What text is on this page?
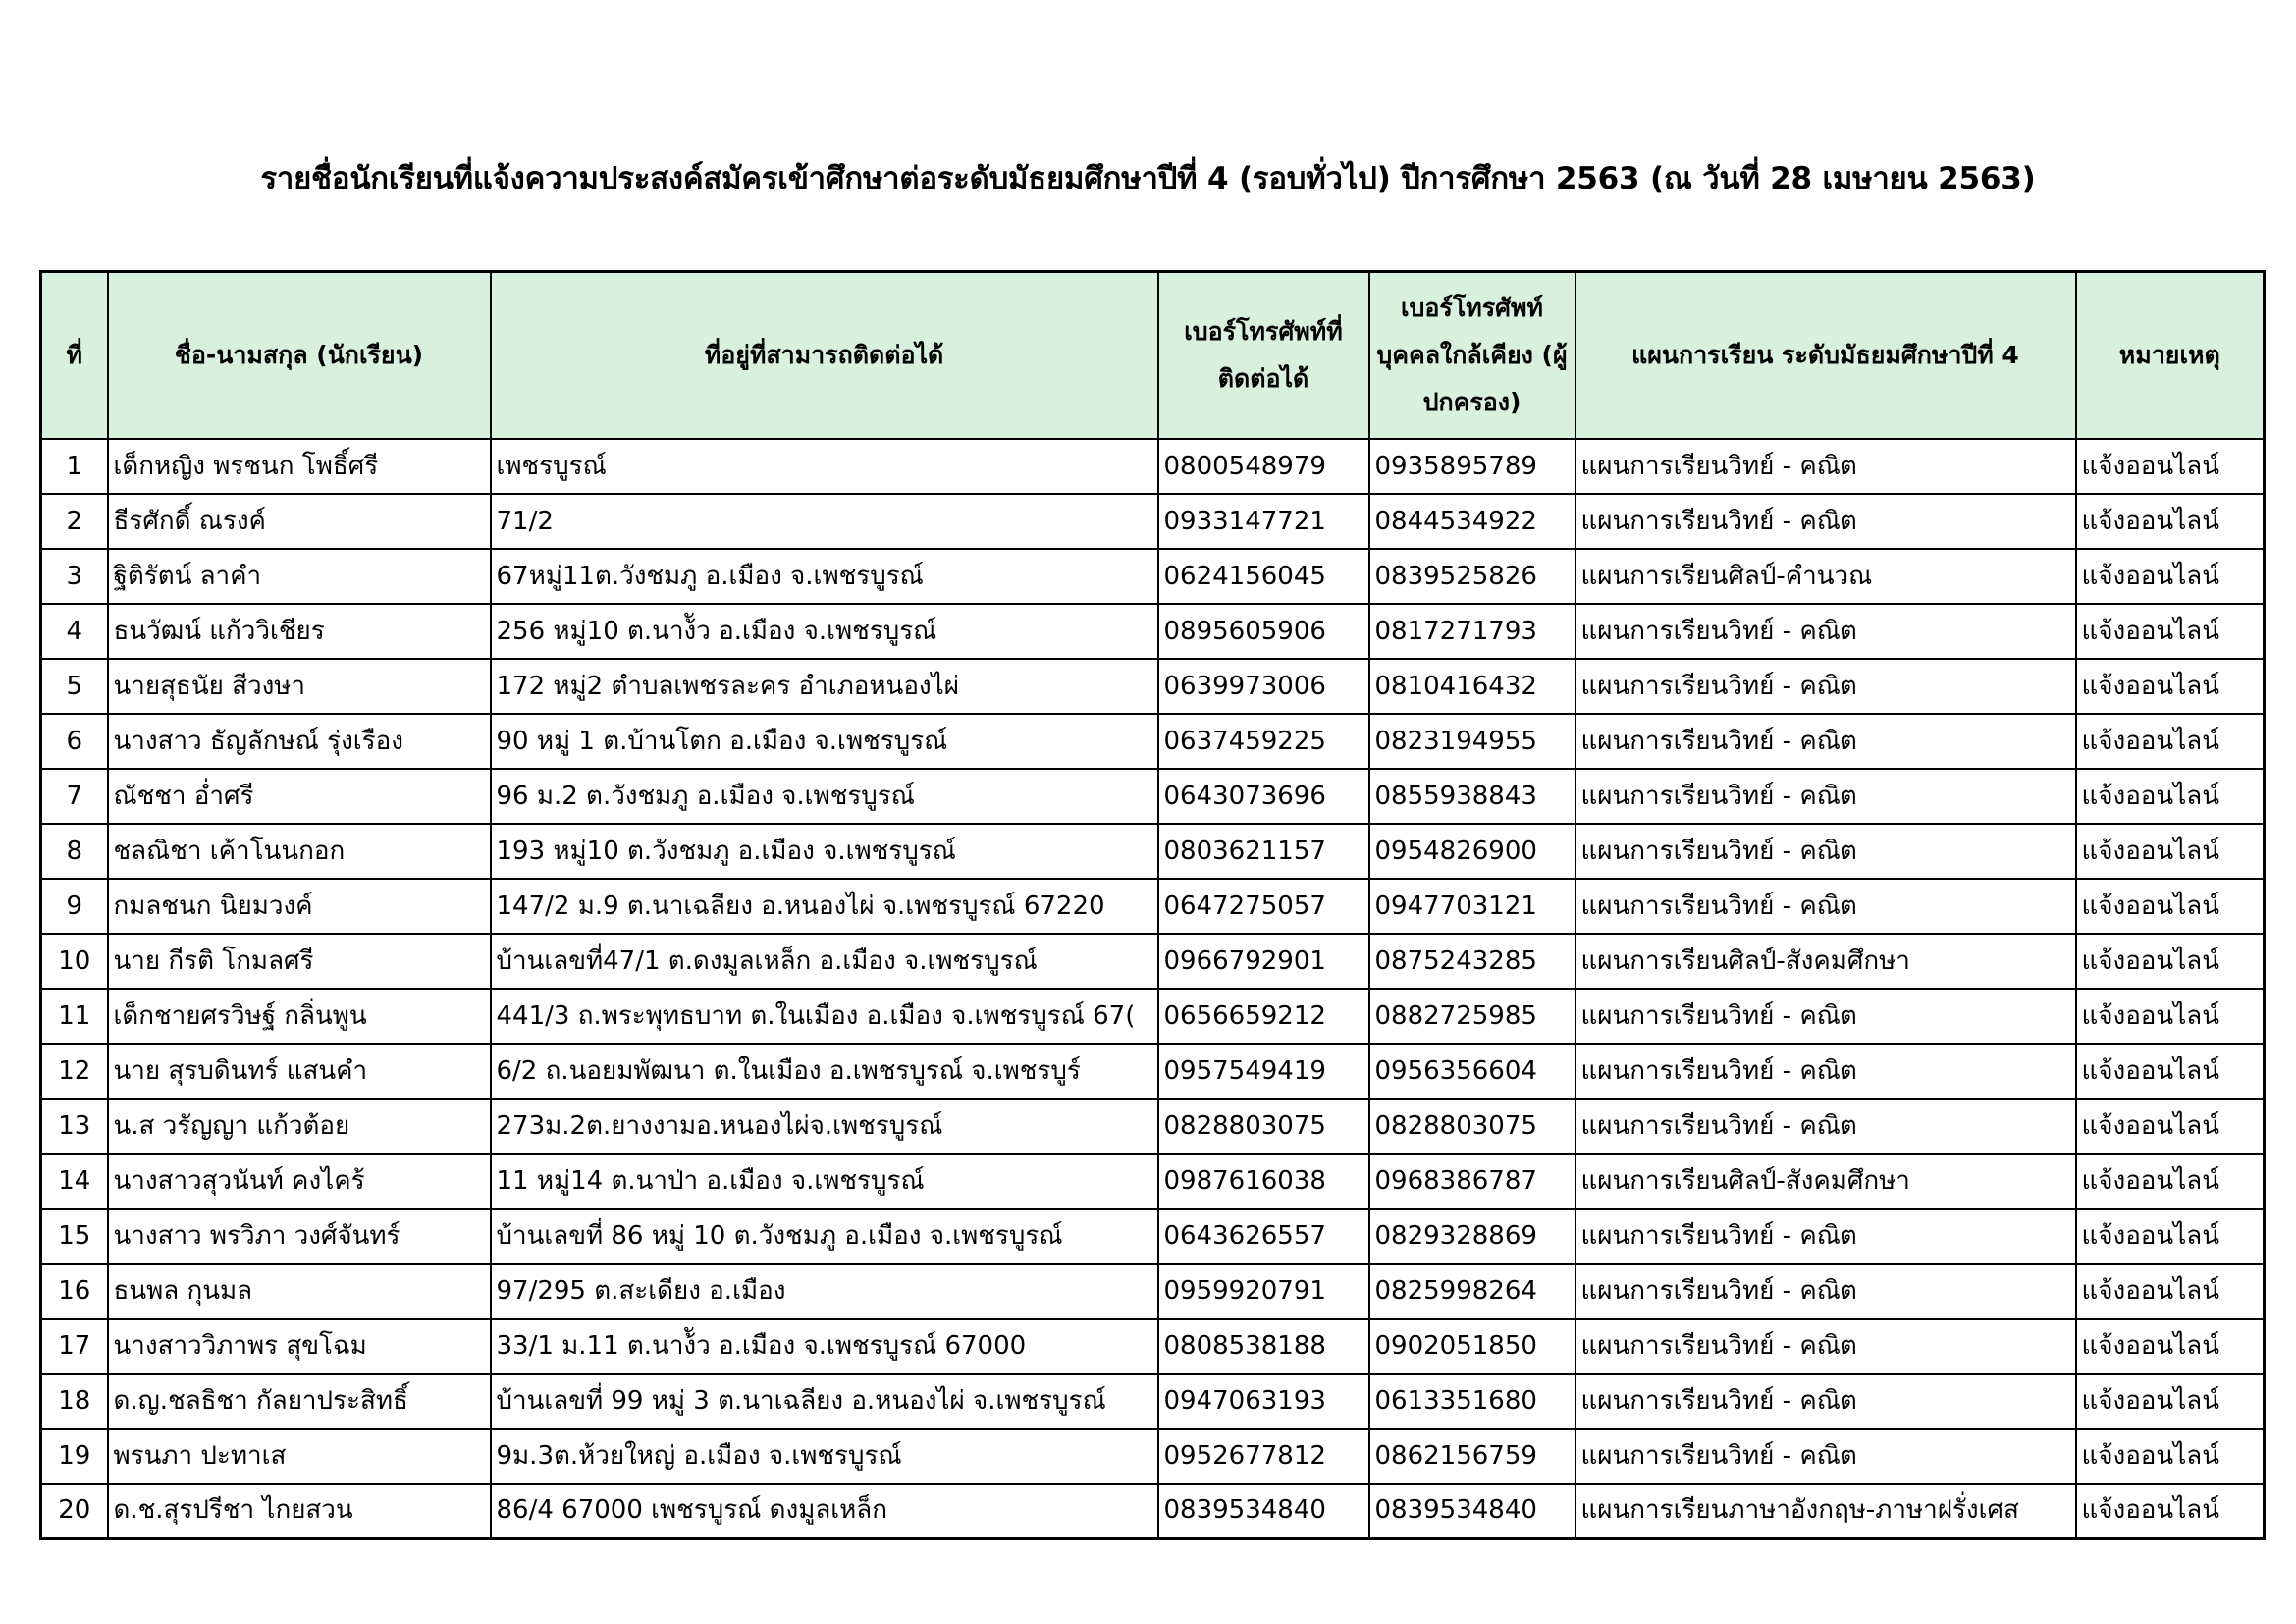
รายชื่อนักเรียนที่แจ้งความประสงค์สมัครเข้าศึกษาต่อระดับมัธยมศึกษาปีที่ 4 (รอบทั่วไป) ปีการศึกษา 2563 (ณ วันที่ 28 เมษายน 2563)
ที่	ชื่อ-นามสกุล (นักเรียน)	ที่อยู่ที่สามารถติดต่อได้	เบอร์โทรศัพท์ที่ติดต่อได้	เบอร์โทรศัพท์บุคคลใกล้เคียง (ผู้ปกครอง)	แผนการเรียน ระดับมัธยมศึกษาปีที่ 4	หมายเหตุ

1	เด็กหญิง พรชนก โพธิ์ศรี	เพชรบูรณ์	0800548979	0935895789	แผนการเรียนวิทย์ - คณิต	แจ้งออนไลน์
2	ธีรศักดิ์ ณรงค์	71/2	0933147721	0844534922	แผนการเรียนวิทย์ - คณิต	แจ้งออนไลน์
3	ฐิติรัตน์ ลาคำ	67หมู่11ต.วังชมภู อ.เมือง จ.เพชรบูรณ์	0624156045	0839525826	แผนการเรียนศิลป์-คำนวณ	แจ้งออนไลน์
4	ธนวัฒน์ แก้ววิเชียร	256 หมู่10 ต.นาง้ัว อ.เมือง จ.เพชรบูรณ์	0895605906	0817271793	แผนการเรียนวิทย์ - คณิต	แจ้งออนไลน์
5	นายสุธนัย สีวงษา	172 หมู่2 ตำบลเพชรละคร อำเภอหนองไผ่	0639973006	0810416432	แผนการเรียนวิทย์ - คณิต	แจ้งออนไลน์
6	นางสาว ธัญลักษณ์ รุ่งเรือง	90 หมู่ 1 ต.บ้านโตก อ.เมือง จ.เพชรบูรณ์	0637459225	0823194955	แผนการเรียนวิทย์ - คณิต	แจ้งออนไลน์
7	ณัชชา อ่ำศรี	96 ม.2 ต.วังชมภู อ.เมือง จ.เพชรบูรณ์	0643073696	0855938843	แผนการเรียนวิทย์ - คณิต	แจ้งออนไลน์
8	ชลณิชา เค้าโนนกอก	193 หมู่10 ต.วังชมภู อ.เมือง จ.เพชรบูรณ์	0803621157	0954826900	แผนการเรียนวิทย์ - คณิต	แจ้งออนไลน์
9	กมลชนก นิยมวงค์	147/2 ม.9 ต.นาเฉลียง อ.หนองไผ่ จ.เพชรบูรณ์ 67220	0647275057	0947703121	แผนการเรียนวิทย์ - คณิต	แจ้งออนไลน์
10	นาย กีรติ โกมลศรี	บ้านเลขที่47/1 ต.ดงมูลเหล็ก อ.เมือง จ.เพชรบูรณ์	0966792901	0875243285	แผนการเรียนศิลป์-สังคมศึกษา	แจ้งออนไลน์
11	เด็กชายศรวิษฐ์ กลิ่นพูน	441/3 ถ.พระพุทธบาท ต.ในเมือง อ.เมือง จ.เพชรบูรณ์ 67(	0656659212	0882725985	แผนการเรียนวิทย์ - คณิต	แจ้งออนไลน์
12	นาย สุรบดินทร์ แสนคำ	6/2 ถ.นอยมพัฒนา ต.ในเมือง อ.เพชรบูรณ์ จ.เพชรบูร์	0957549419	0956356604	แผนการเรียนวิทย์ - คณิต	แจ้งออนไลน์
13	น.ส วรัญญา แก้วต้อย	273ม.2ต.ยางงามอ.หนองไผ่จ.เพชรบูรณ์	0828803075	0828803075	แผนการเรียนวิทย์ - คณิต	แจ้งออนไลน์
14	นางสาวสุวนันท์ คงไคร้	11 หมู่14 ต.นาป่า อ.เมือง จ.เพชรบูรณ์	0987616038	0968386787	แผนการเรียนศิลป์-สังคมศึกษา	แจ้งออนไลน์
15	นางสาว พรวิภา วงศ์จันทร์	บ้านเลขที่ 86 หมู่ 10 ต.วังชมภู อ.เมือง จ.เพชรบูรณ์	0643626557	0829328869	แผนการเรียนวิทย์ - คณิต	แจ้งออนไลน์
16	ธนพล กุนมล	97/295 ต.สะเดียง อ.เมือง	0959920791	0825998264	แผนการเรียนวิทย์ - คณิต	แจ้งออนไลน์
17	นางสาววิภาพร สุขโฉม	33/1 ม.11 ต.นาง้ัว อ.เมือง จ.เพชรบูรณ์ 67000	0808538188	0902051850	แผนการเรียนวิทย์ - คณิต	แจ้งออนไลน์
18	ด.ญ.ชลธิชา กัลยาประสิทธิ์	บ้านเลขที่ 99 หมู่ 3 ต.นาเฉลียง อ.หนองไผ่ จ.เพชรบูรณ์	0947063193	0613351680	แผนการเรียนวิทย์ - คณิต	แจ้งออนไลน์
19	พรนภา ปะทาเส	9ม.3ต.ห้วยใหญ่ อ.เมือง จ.เพชรบูรณ์	0952677812	0862156759	แผนการเรียนวิทย์ - คณิต	แจ้งออนไลน์
20	ด.ช.สุรปรีชา ไกยสวน	86/4 67000 เพชรบูรณ์ ดงมูลเหล็ก	0839534840	0839534840	แผนการเรียนภาษาอังกฤษ-ภาษาฝรั่งเศส	แจ้งออนไลน์
